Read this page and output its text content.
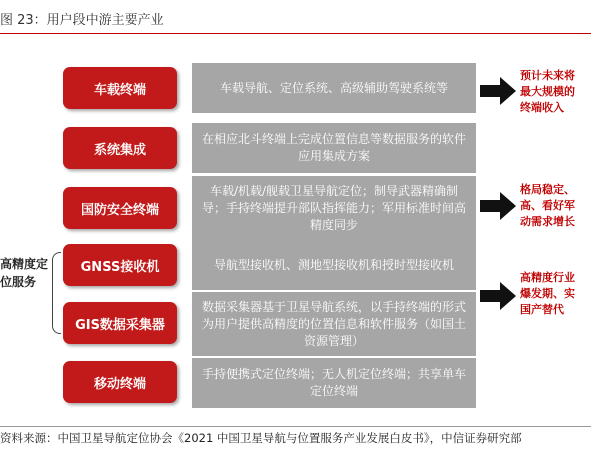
图 23：用户段中游主要产业
高精度定
位服务
车载终端	车载导航、定位系统、高级辅助驾驶系统等
系统集成
在相应北斗终端上完成位置信息等数据服务的软件应用集成方案
国防安全终端
车载/机载/舰载卫星导航定位；制导武器精确制导；手持终端提升部队指挥能力；军用标准时间高精度同步
GNSS接收机	导航型接收机、测地型接收机和授时型接收机
GIS数据采集器
数据采集器基于卫星导航系统，以手持终端的形式为用户提供高精度的位置信息和软件服务（如国土资源管理）
移动终端
手持便携式定位终端；无人机定位终端；共享单车定位终端
预计未来将
最大规模的
终端收入
格局稳定、
高、看好军
动需求增长
高精度行业
爆发期、实
国产替代
资料来源：中国卫星导航定位协会《2021 中国卫星导航与位置服务产业发展白皮书》，中信证券研究部
